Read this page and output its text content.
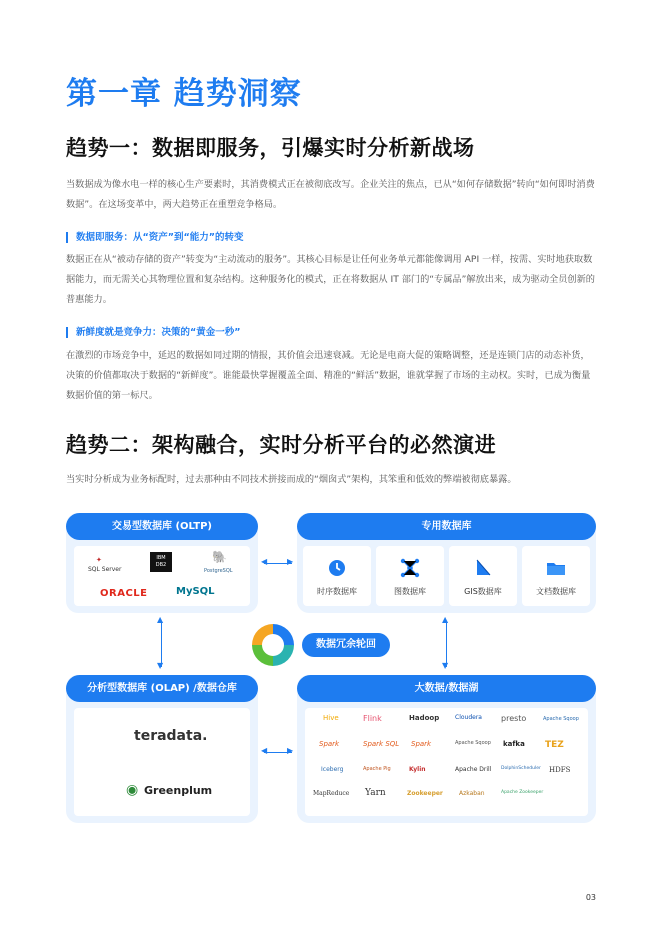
第一章 趋势洞察
趋势一：数据即服务，引爆实时分析新战场
当数据成为像水电一样的核心生产要素时，其消费模式正在被彻底改写。企业关注的焦点，已从“如何存储数据”转向“如何即时消费数据”。在这场变革中，两大趋势正在重塑竞争格局。
数据即服务：从“资产”到“能力”的转变
数据正在从“被动存储的资产”转变为“主动流动的服务”。其核心目标是让任何业务单元都能像调用 API 一样，按需、实时地获取数据能力，而无需关心其物理位置和复杂结构。这种服务化的模式，正在将数据从 IT 部门的“专属品”解放出来，成为驱动全员创新的普惠能力。
新鲜度就是竞争力：决策的“黄金一秒”
在激烈的市场竞争中，延迟的数据如同过期的情报，其价值会迅速衰减。无论是电商大促的策略调整，还是连锁门店的动态补货，决策的价值都取决于数据的“新鲜度”。谁能最快掌握覆盖全面、精准的“鲜活”数据，谁就掌握了市场的主动权。实时，已成为衡量数据价值的第一标尺。
趋势二：架构融合，实时分析平台的必然演进
当实时分析成为业务标配时，过去那种由不同技术拼接而成的“烟囱式”架构，其笨重和低效的弊端被彻底暴露。
交易型数据库 (OLTP)
✦
SQL Server
IBM DB2
🐘
PostgreSQL
ORACLE	MySQL
专用数据库
时序数据库	图数据库	GIS数据库	文档数据库
分析型数据库 (OLAP) /数据仓库
teradata.
◉ Greenplum
大数据/数据湖
Hive	Flink	Hadoop	Cloudera presto	Apache Sqoop
Spark	Spark SQL Spark	Apache Sqoop kafka TEZ
Iceberg	Apache Pig	Kylin	Apache Drill DolphinScheduler HDFS
MapReduce Yarn	Zookeeper	Azkaban	Apache Zookeeper
◀ ▶
◀ ▶
▲
▼
▲
▼
数据冗余轮回
03
